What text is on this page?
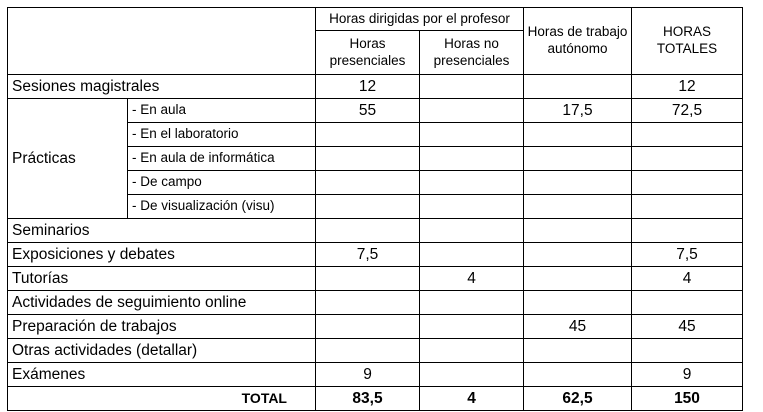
		Horas dirigidas por el profesor		Horas de trabajo autónomo	HORAS TOTALES
		Horas presenciales	Horas no presenciales		
Sesiones magistrales		12			12
Prácticas	- En aula	55		17,5	72,5
	- En el laboratorio				
	- En aula de informática				
	- De campo				
	- De visualización (visu)				
Seminarios					
Exposiciones y debates		7,5			7,5
Tutorías			4		4
Actividades de seguimiento online					
Preparación de trabajos				45	45
Otras actividades (detallar)					
Exámenes		9			9
TOTAL		83,5	4	62,5	150
